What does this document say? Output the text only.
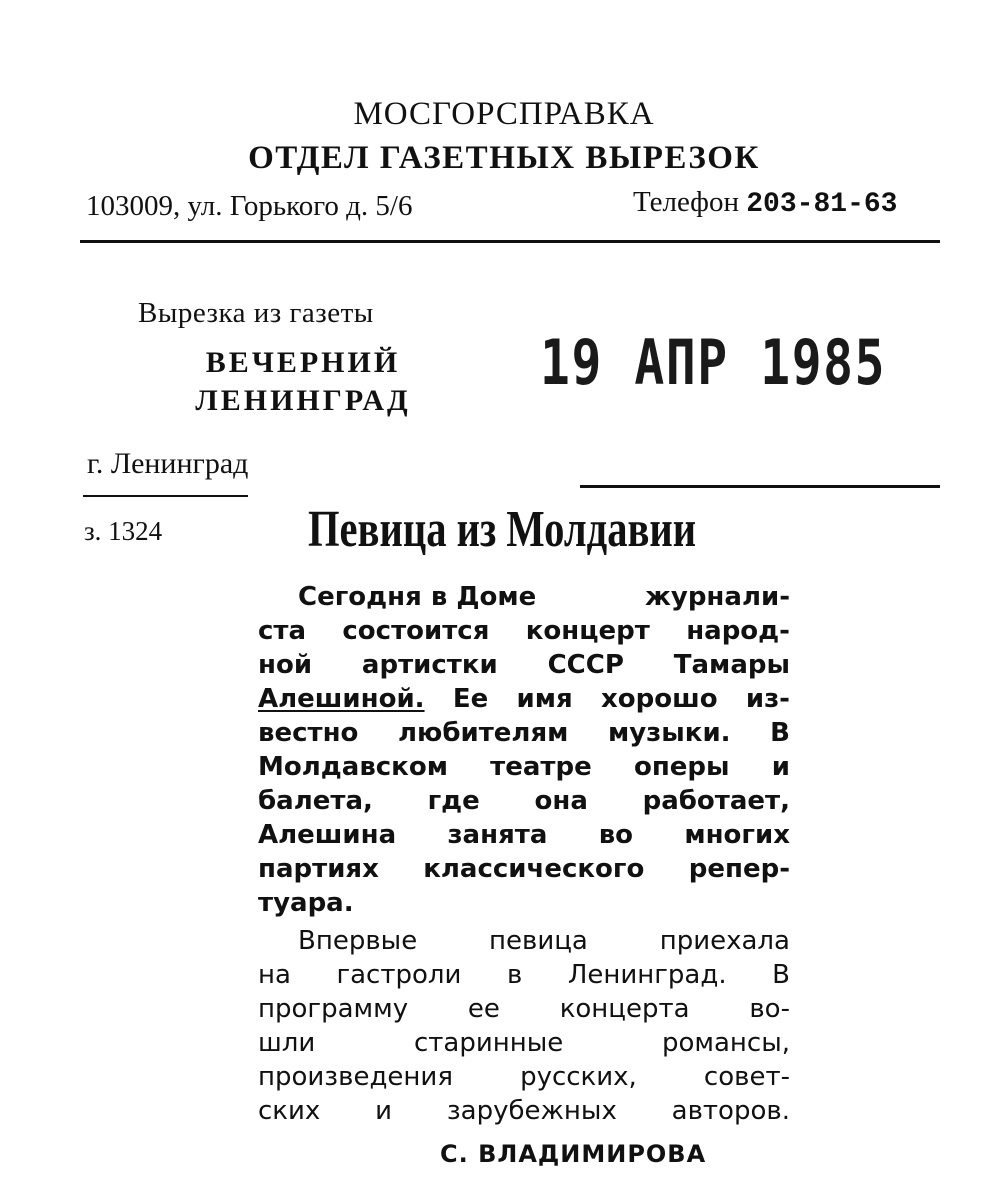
МОСГОРСПРАВКА
ОТДЕЛ ГАЗЕТНЫХ ВЫРЕЗОК
103009, ул. Горького д. 5/6	Телефон 203-81-63
Вырезка из газеты
ВЕЧЕРНИЙ
ЛЕНИНГРАД
19 АПР 1985
г. Ленинград
з. 1324	Певица из Молдавии
Сегодня в Доме	журнали-
ста состоится концерт народ-
ной артистки СССР Тамары
Алешиной. Ее имя хорошо из-
вестно любителям музыки. В
Молдавском театре оперы и
балета, где она работает,
Алешина занята во многих
партиях классического репер-
туара.
Впервые	певица	приехала
на гастроли в Ленинград. В
программу ее концерта во-
шли	старинные	романсы,
произведения	русских,	совет-
ских и зарубежных авторов.
С. ВЛАДИМИРОВА
